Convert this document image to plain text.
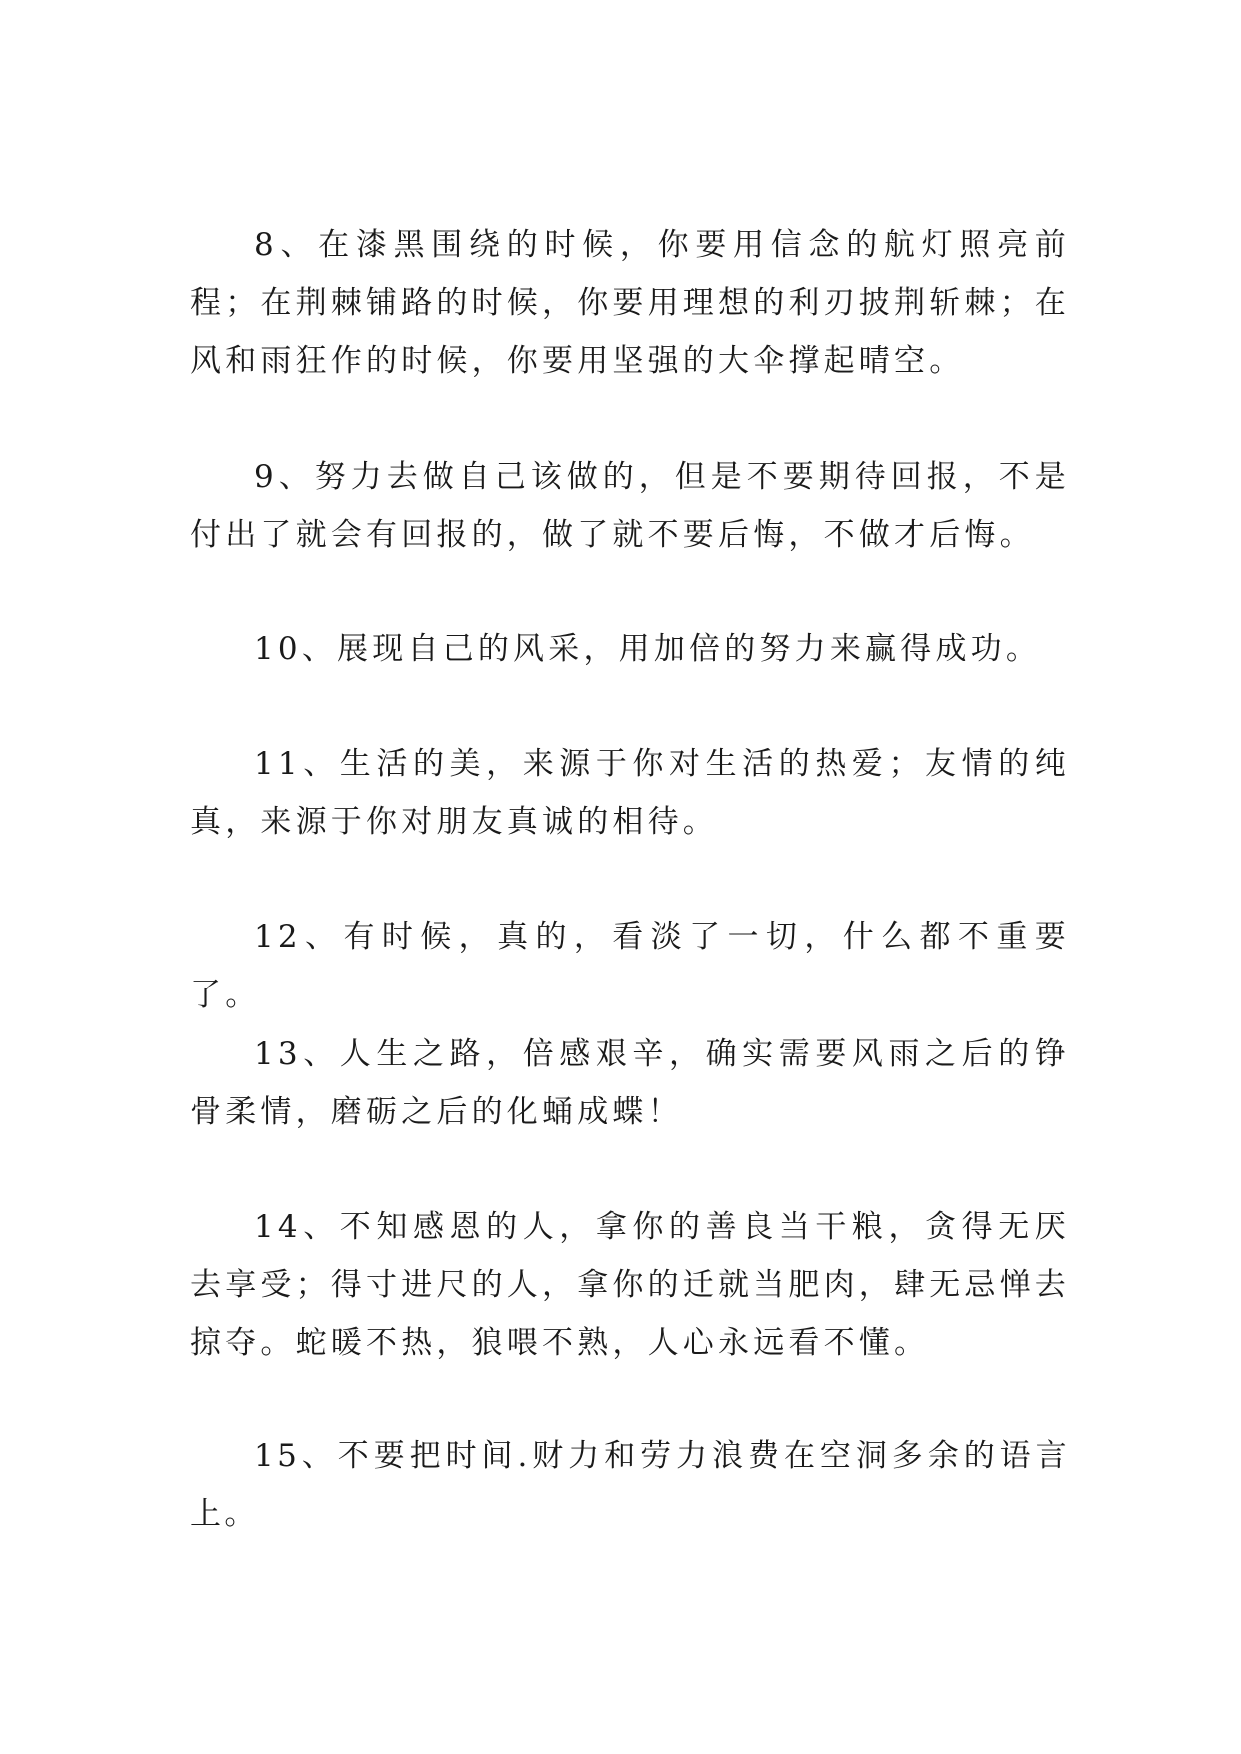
8、在漆黑围绕的时候，你要用信念的航灯照亮前程；在荆棘铺路的时候，你要用理想的利刃披荆斩棘；在风和雨狂作的时候，你要用坚强的大伞撑起晴空。

9、努力去做自己该做的，但是不要期待回报，不是付出了就会有回报的，做了就不要后悔，不做才后悔。

10、展现自己的风采，用加倍的努力来赢得成功。

11、生活的美，来源于你对生活的热爱；友情的纯真，来源于你对朋友真诚的相待。

12、有时候，真的，看淡了一切，什么都不重要了。

13、人生之路，倍感艰辛，确实需要风雨之后的铮骨柔情，磨砺之后的化蛹成蝶！

14、不知感恩的人，拿你的善良当干粮，贪得无厌去享受；得寸进尺的人，拿你的迁就当肥肉，肆无忌惮去掠夺。蛇暖不热，狼喂不熟，人心永远看不懂。

15、不要把时间.财力和劳力浪费在空洞多余的语言上。
